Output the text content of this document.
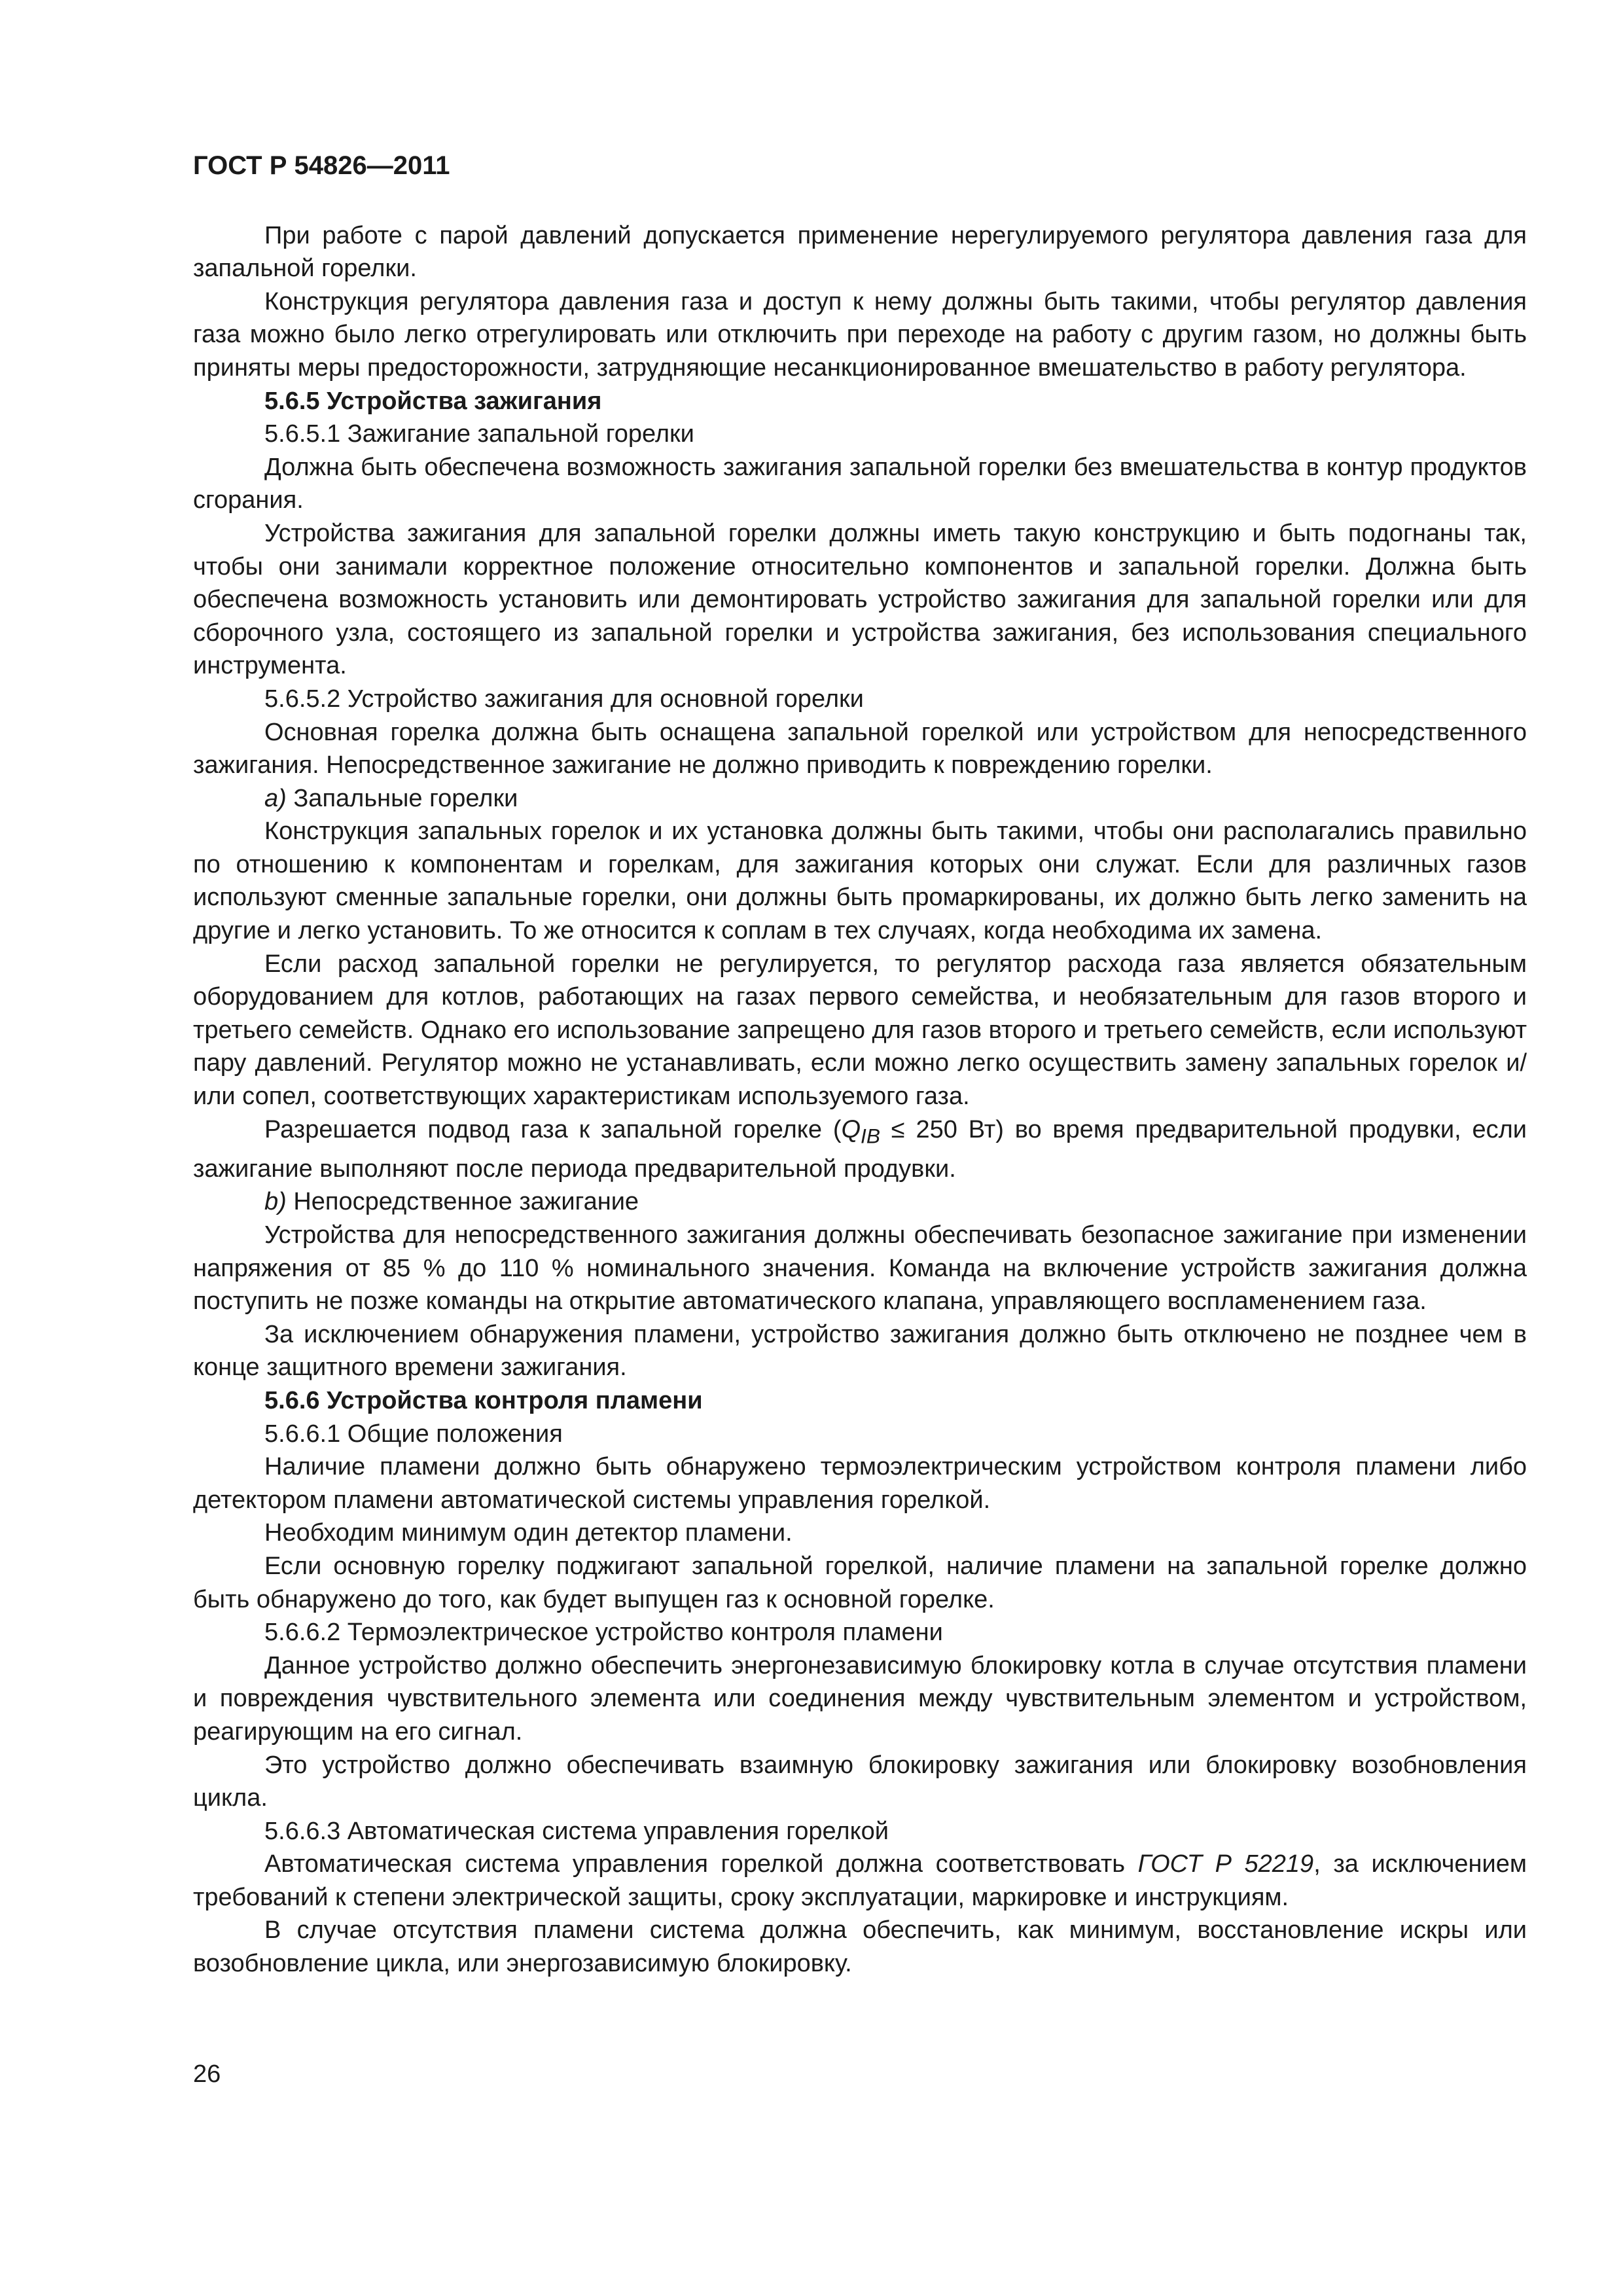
ГОСТ Р 54826—2011

При работе с парой давлений допускается применение нерегулируемого регулятора давления газа для запальной горелки.

Конструкция регулятора давления газа и доступ к нему должны быть такими, чтобы регулятор давления газа можно было легко отрегулировать или отключить при переходе на работу с другим газом, но должны быть приняты меры предосторожности, затрудняющие несанкционированное вмешательство в работу регулятора.

5.6.5 Устройства зажигания

5.6.5.1 Зажигание запальной горелки

Должна быть обеспечена возможность зажигания запальной горелки без вмешательства в контур продуктов сгорания.

Устройства зажигания для запальной горелки должны иметь такую конструкцию и быть подогнаны так, чтобы они занимали корректное положение относительно компонентов и запальной горелки. Должна быть обеспечена возможность установить или демонтировать устройство зажигания для запальной горелки или для сборочного узла, состоящего из запальной горелки и устройства зажигания, без использования специального инструмента.

5.6.5.2 Устройство зажигания для основной горелки

Основная горелка должна быть оснащена запальной горелкой или устройством для непосредственного зажигания. Непосредственное зажигание не должно приводить к повреждению горелки.

a) Запальные горелки

Конструкция запальных горелок и их установка должны быть такими, чтобы они располагались правильно по отношению к компонентам и горелкам, для зажигания которых они служат. Если для различных газов используют сменные запальные горелки, они должны быть промаркированы, их должно быть легко заменить на другие и легко установить. То же относится к соплам в тех случаях, когда необходима их замена.

Если расход запальной горелки не регулируется, то регулятор расхода газа является обязательным оборудованием для котлов, работающих на газах первого семейства, и необязательным для газов второго и третьего семейств. Однако его использование запрещено для газов второго и третьего семейств, если используют пару давлений. Регулятор можно не устанавливать, если можно легко осуществить замену запальных горелок и/или сопел, соответствующих характеристикам используемого газа.

Разрешается подвод газа к запальной горелке ($Q_{IB} \le 250$ Вт) во время предварительной продувки, если зажигание выполняют после периода предварительной продувки.

b) Непосредственное зажигание

Устройства для непосредственного зажигания должны обеспечивать безопасное зажигание при изменении напряжения от 85 % до 110 % номинального значения. Команда на включение устройств зажигания должна поступить не позже команды на открытие автоматического клапана, управляющего воспламенением газа.

За исключением обнаружения пламени, устройство зажигания должно быть отключено не позднее чем в конце защитного времени зажигания.

5.6.6 Устройства контроля пламени

5.6.6.1 Общие положения

Наличие пламени должно быть обнаружено термоэлектрическим устройством контроля пламени либо детектором пламени автоматической системы управления горелкой.

Необходим минимум один детектор пламени.

Если основную горелку поджигают запальной горелкой, наличие пламени на запальной горелке должно быть обнаружено до того, как будет выпущен газ к основной горелке.

5.6.6.2 Термоэлектрическое устройство контроля пламени

Данное устройство должно обеспечить энергонезависимую блокировку котла в случае отсутствия пламени и повреждения чувствительного элемента или соединения между чувствительным элементом и устройством, реагирующим на его сигнал.

Это устройство должно обеспечивать взаимную блокировку зажигания или блокировку возобновления цикла.

5.6.6.3 Автоматическая система управления горелкой

Автоматическая система управления горелкой должна соответствовать ГОСТ Р 52219, за исключением требований к степени электрической защиты, сроку эксплуатации, маркировке и инструкциям.

В случае отсутствия пламени система должна обеспечить, как минимум, восстановление искры или возобновление цикла, или энергозависимую блокировку.

26
